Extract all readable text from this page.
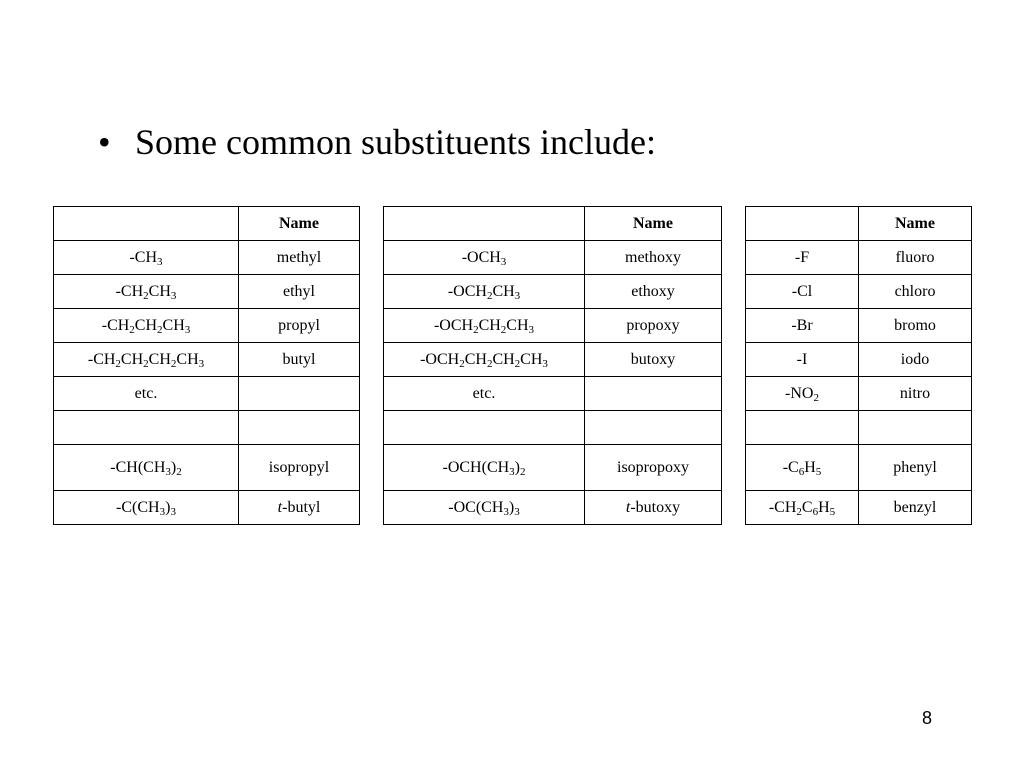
• Some common substituents include:
	Name
$-CH_3$	methyl
$-CH_2CH_3$	ethyl
$-CH_2CH_2CH_3$	propyl
$-CH_2CH_2CH_2CH_3$	butyl
etc.	

$-CH(CH_3)_2$	isopropyl
$-C(CH_3)_3$	t-butyl
	Name
$-OCH_3$	methoxy
$-OCH_2CH_3$	ethoxy
$-OCH_2CH_2CH_3$	propoxy
$-OCH_2CH_2CH_2CH_3$	butoxy
etc.	

$-OCH(CH_3)_2$	isopropoxy
$-OC(CH_3)_3$	t-butoxy
	Name
-F	fluoro
-Cl	chloro
-Br	bromo
-I	iodo
$-NO_2$	nitro

$-C_6H_5$	phenyl
$-CH_2C_6H_5$	benzyl
8
